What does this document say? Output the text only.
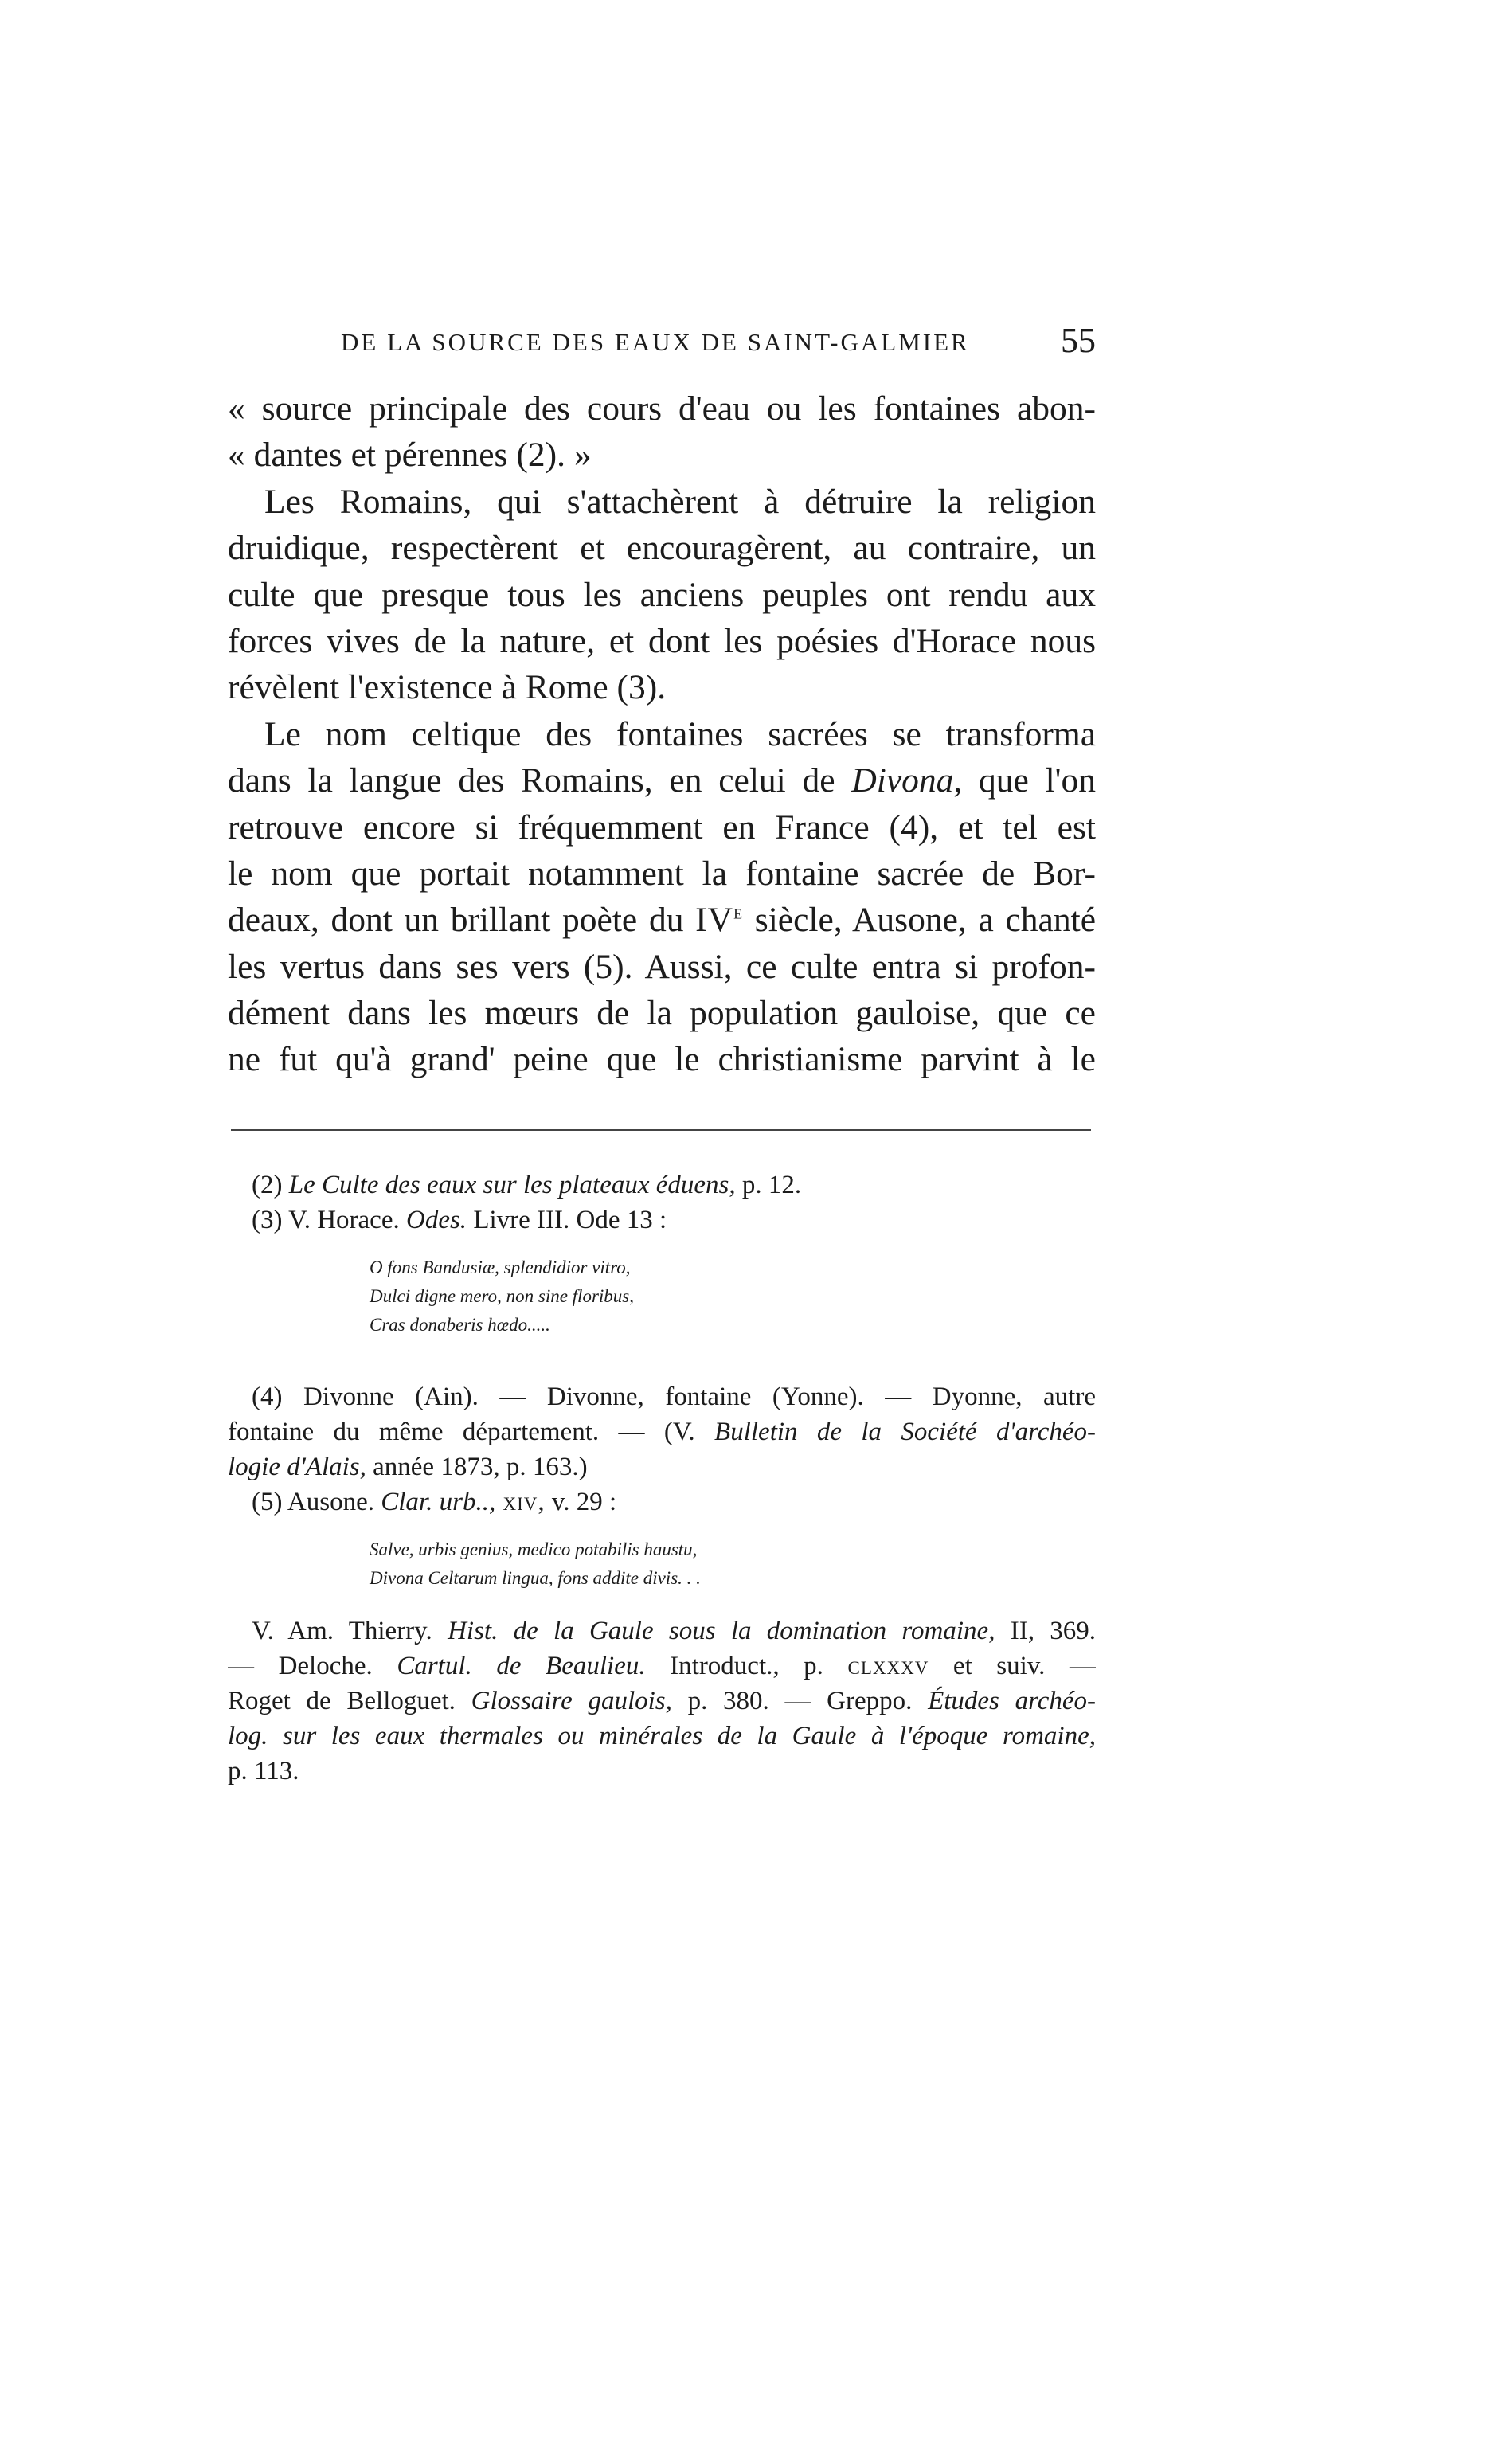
DE LA SOURCE DES EAUX DE SAINT-GALMIER	55
« source principale des cours d'eau ou les fontaines abon-
« dantes et pérennes (2). »
Les Romains, qui s'attachèrent à détruire la religion
druidique, respectèrent et encouragèrent, au contraire, un
culte que presque tous les anciens peuples ont rendu aux
forces vives de la nature, et dont les poésies d'Horace nous
révèlent l'existence à Rome (3).
Le nom celtique des fontaines sacrées se transforma
dans la langue des Romains, en celui de Divona, que l'on
retrouve encore si fréquemment en France (4), et tel est
le nom que portait notamment la fontaine sacrée de Bor-
deaux, dont un brillant poète du IVe siècle, Ausone, a chanté
les vertus dans ses vers (5). Aussi, ce culte entra si profon-
dément dans les mœurs de la population gauloise, que ce
ne fut qu'à grand' peine que le christianisme parvint à le
(2) Le Culte des eaux sur les plateaux éduens, p. 12.
(3) V. Horace. Odes. Livre III. Ode 13 :
O fons Bandusiæ, splendidior vitro,
Dulci digne mero, non sine floribus,
Cras donaberis hœdo.....
(4) Divonne (Ain). — Divonne, fontaine (Yonne). — Dyonne, autre
fontaine du même département. — (V. Bulletin de la Société d'archéo-
logie d'Alais, année 1873, p. 163.)
(5) Ausone. Clar. urb.., xiv, v. 29 :
Salve, urbis genius, medico potabilis haustu,
Divona Celtarum lingua, fons addite divis. . .
V. Am. Thierry. Hist. de la Gaule sous la domination romaine, II, 369.
— Deloche. Cartul. de Beaulieu. Introduct., p. clxxxv et suiv. —
Roget de Belloguet. Glossaire gaulois, p. 380. — Greppo. Études archéo-
log. sur les eaux thermales ou minérales de la Gaule à l'époque romaine,
p. 113.
